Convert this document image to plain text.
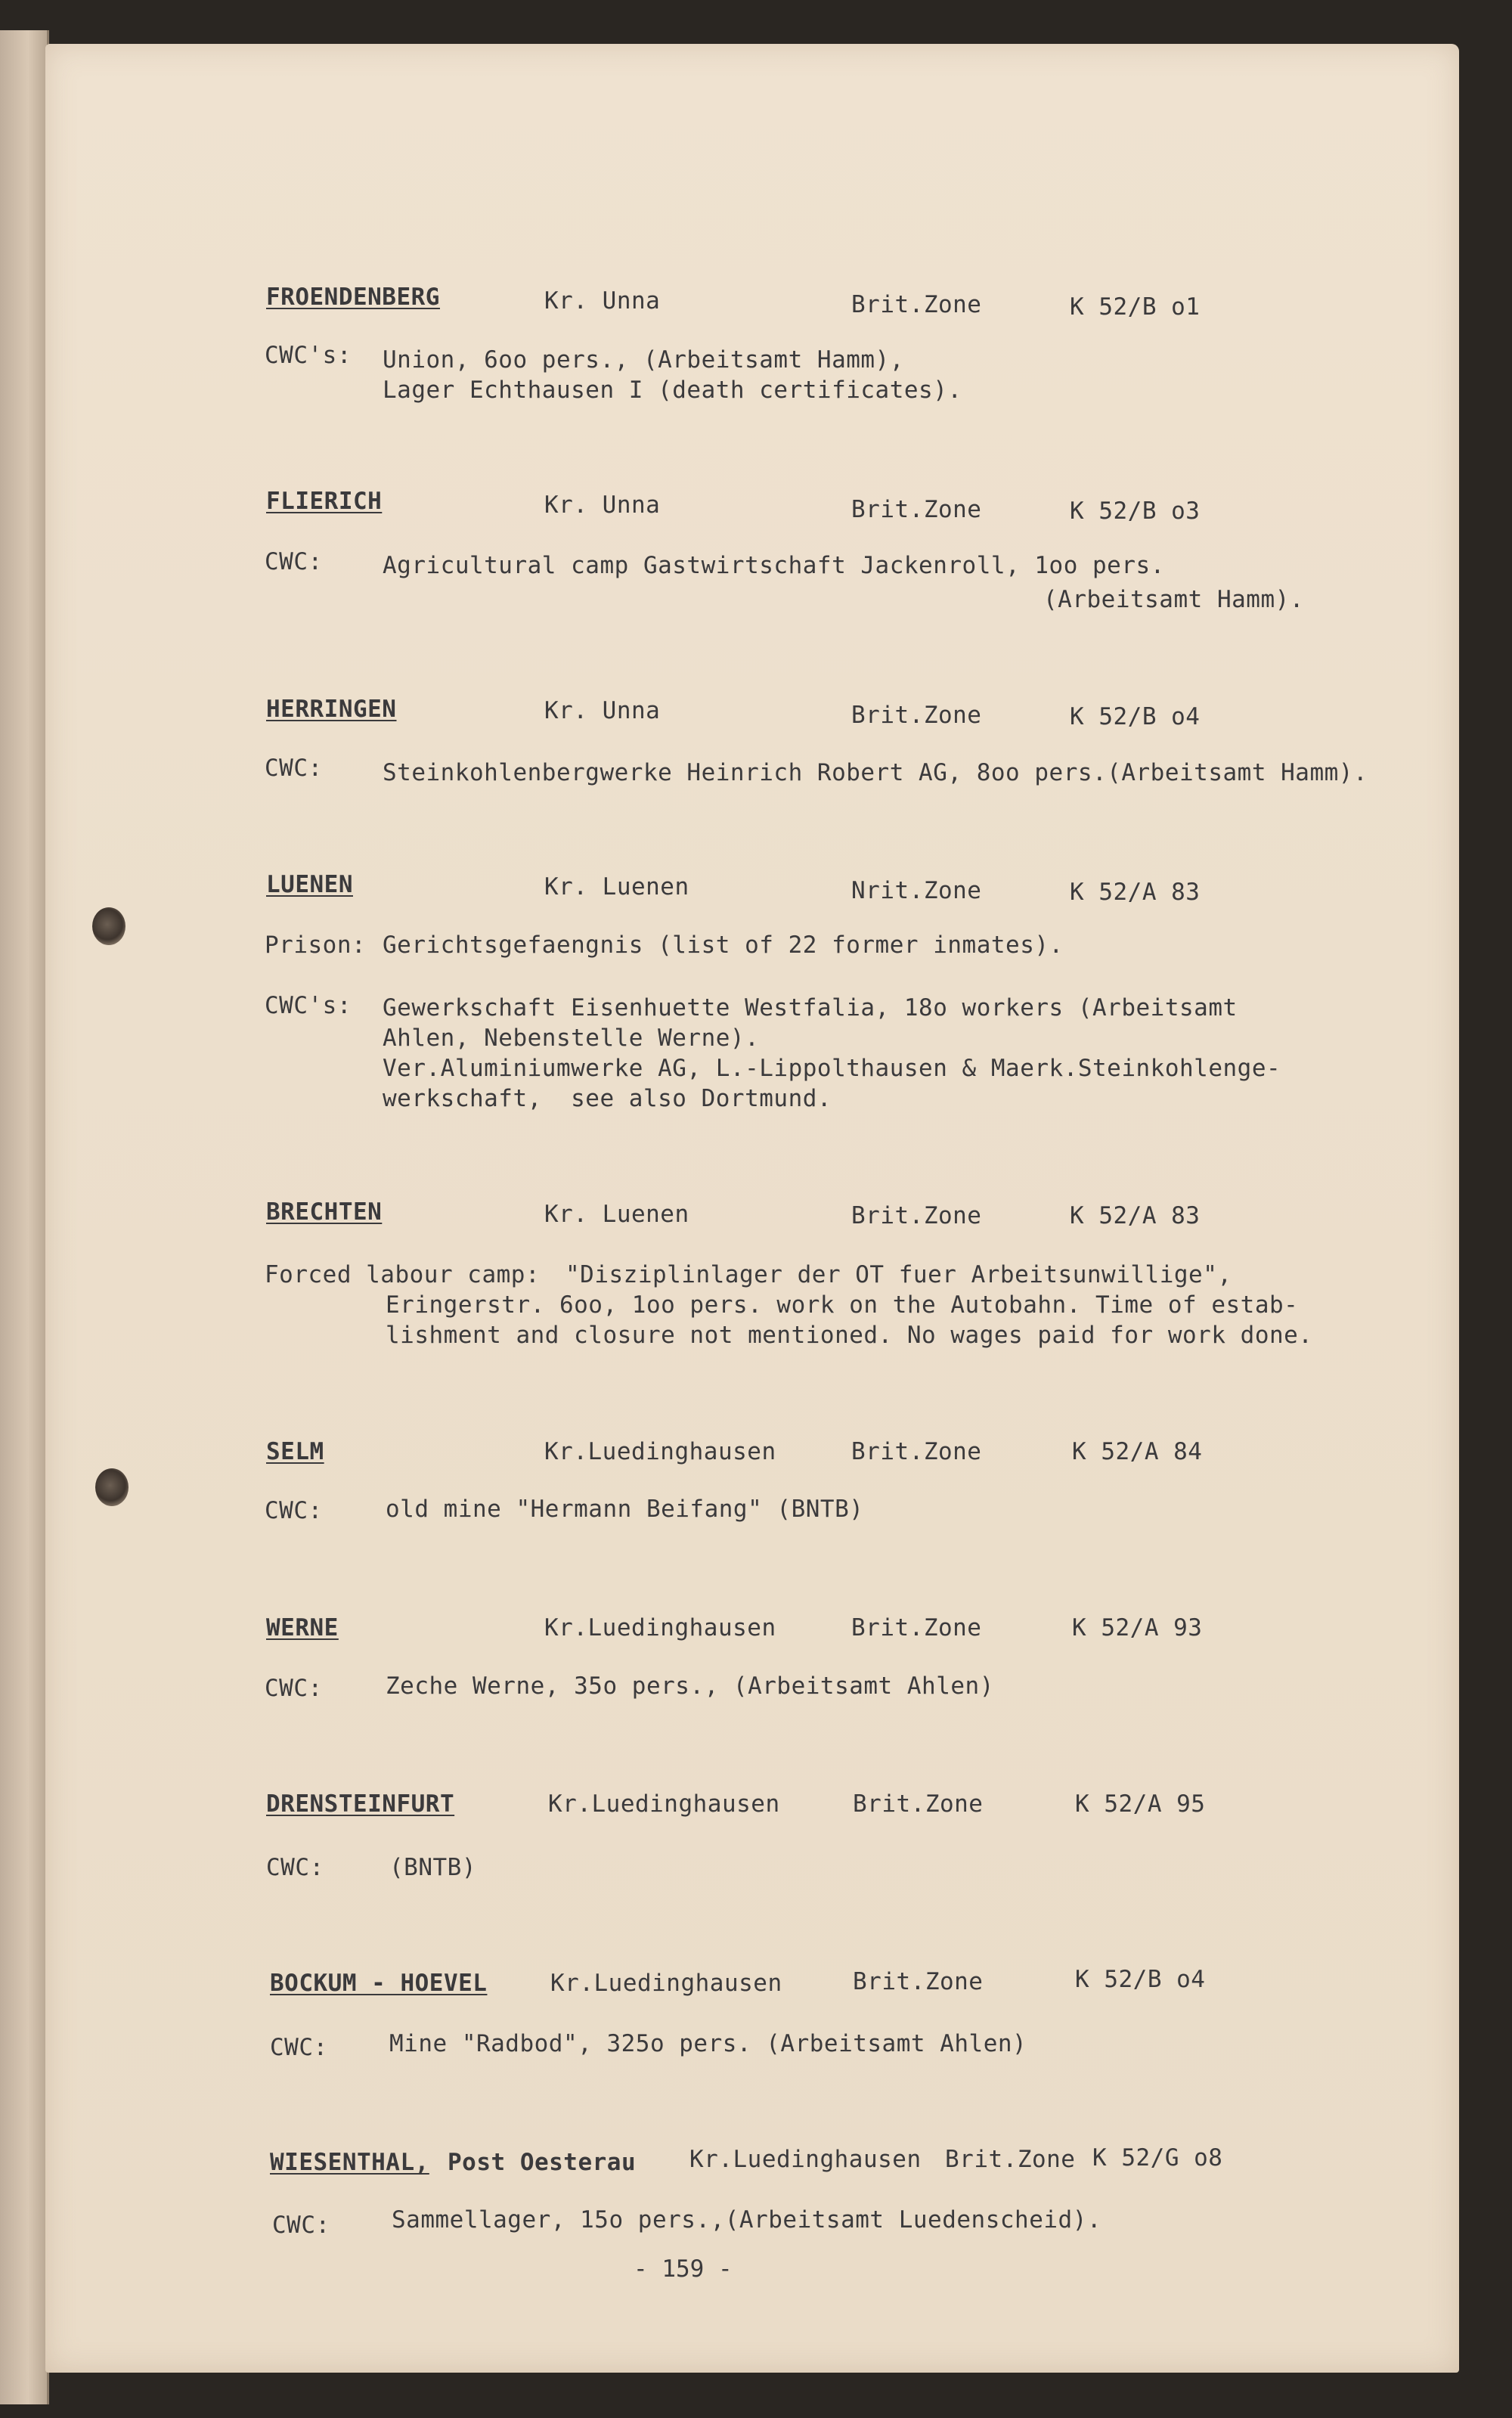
FROENDENBERG	Kr. Unna	Brit.Zone	K 52/B o1
CWC's: Union, 6oo pers., (Arbeitsamt Hamm),
Lager Echthausen I (death certificates).
FLIERICH	Kr. Unna	Brit.Zone	K 52/B o3
CWC:	Agricultural camp Gastwirtschaft Jackenroll, 1oo pers.
(Arbeitsamt Hamm).
HERRINGEN	Kr. Unna	Brit.Zone	K 52/B o4
CWC:	Steinkohlenbergwerke Heinrich Robert AG, 8oo pers.(Arbeitsamt Hamm).
LUENEN	Kr. Luenen	Nrit.Zone	K 52/A 83
Prison: Gerichtsgefaengnis (list of 22 former inmates).
CWC's: Gewerkschaft Eisenhuette Westfalia, 18o workers (Arbeitsamt
Ahlen, Nebenstelle Werne).
Ver.Aluminiumwerke AG, L.-Lippolthausen & Maerk.Steinkohlenge-
werkschaft,  see also Dortmund.
BRECHTEN	Kr. Luenen	Brit.Zone	K 52/A 83
Forced labour camp: "Disziplinlager der OT fuer Arbeitsunwillige",
Eringerstr. 6oo, 1oo pers. work on the Autobahn. Time of estab-
lishment and closure not mentioned. No wages paid for work done.
SELM	Kr.Luedinghausen	Brit.Zone	K 52/A 84
CWC:	old mine "Hermann Beifang" (BNTB)
WERNE	Kr.Luedinghausen	Brit.Zone	K 52/A 93
CWC:	Zeche Werne, 35o pers., (Arbeitsamt Ahlen)
DRENSTEINFURT	Kr.Luedinghausen	Brit.Zone	K 52/A 95
CWC:	(BNTB)
BOCKUM - HOEVEL	Kr.Luedinghausen	Brit.Zone	K 52/B o4
CWC:	Mine "Radbod", 325o pers. (Arbeitsamt Ahlen)
WIESENTHAL, Post Oesterau Kr.Luedinghausen Brit.Zone K 52/G o8
CWC:	Sammellager, 15o pers.,(Arbeitsamt Luedenscheid).
- 159 -
